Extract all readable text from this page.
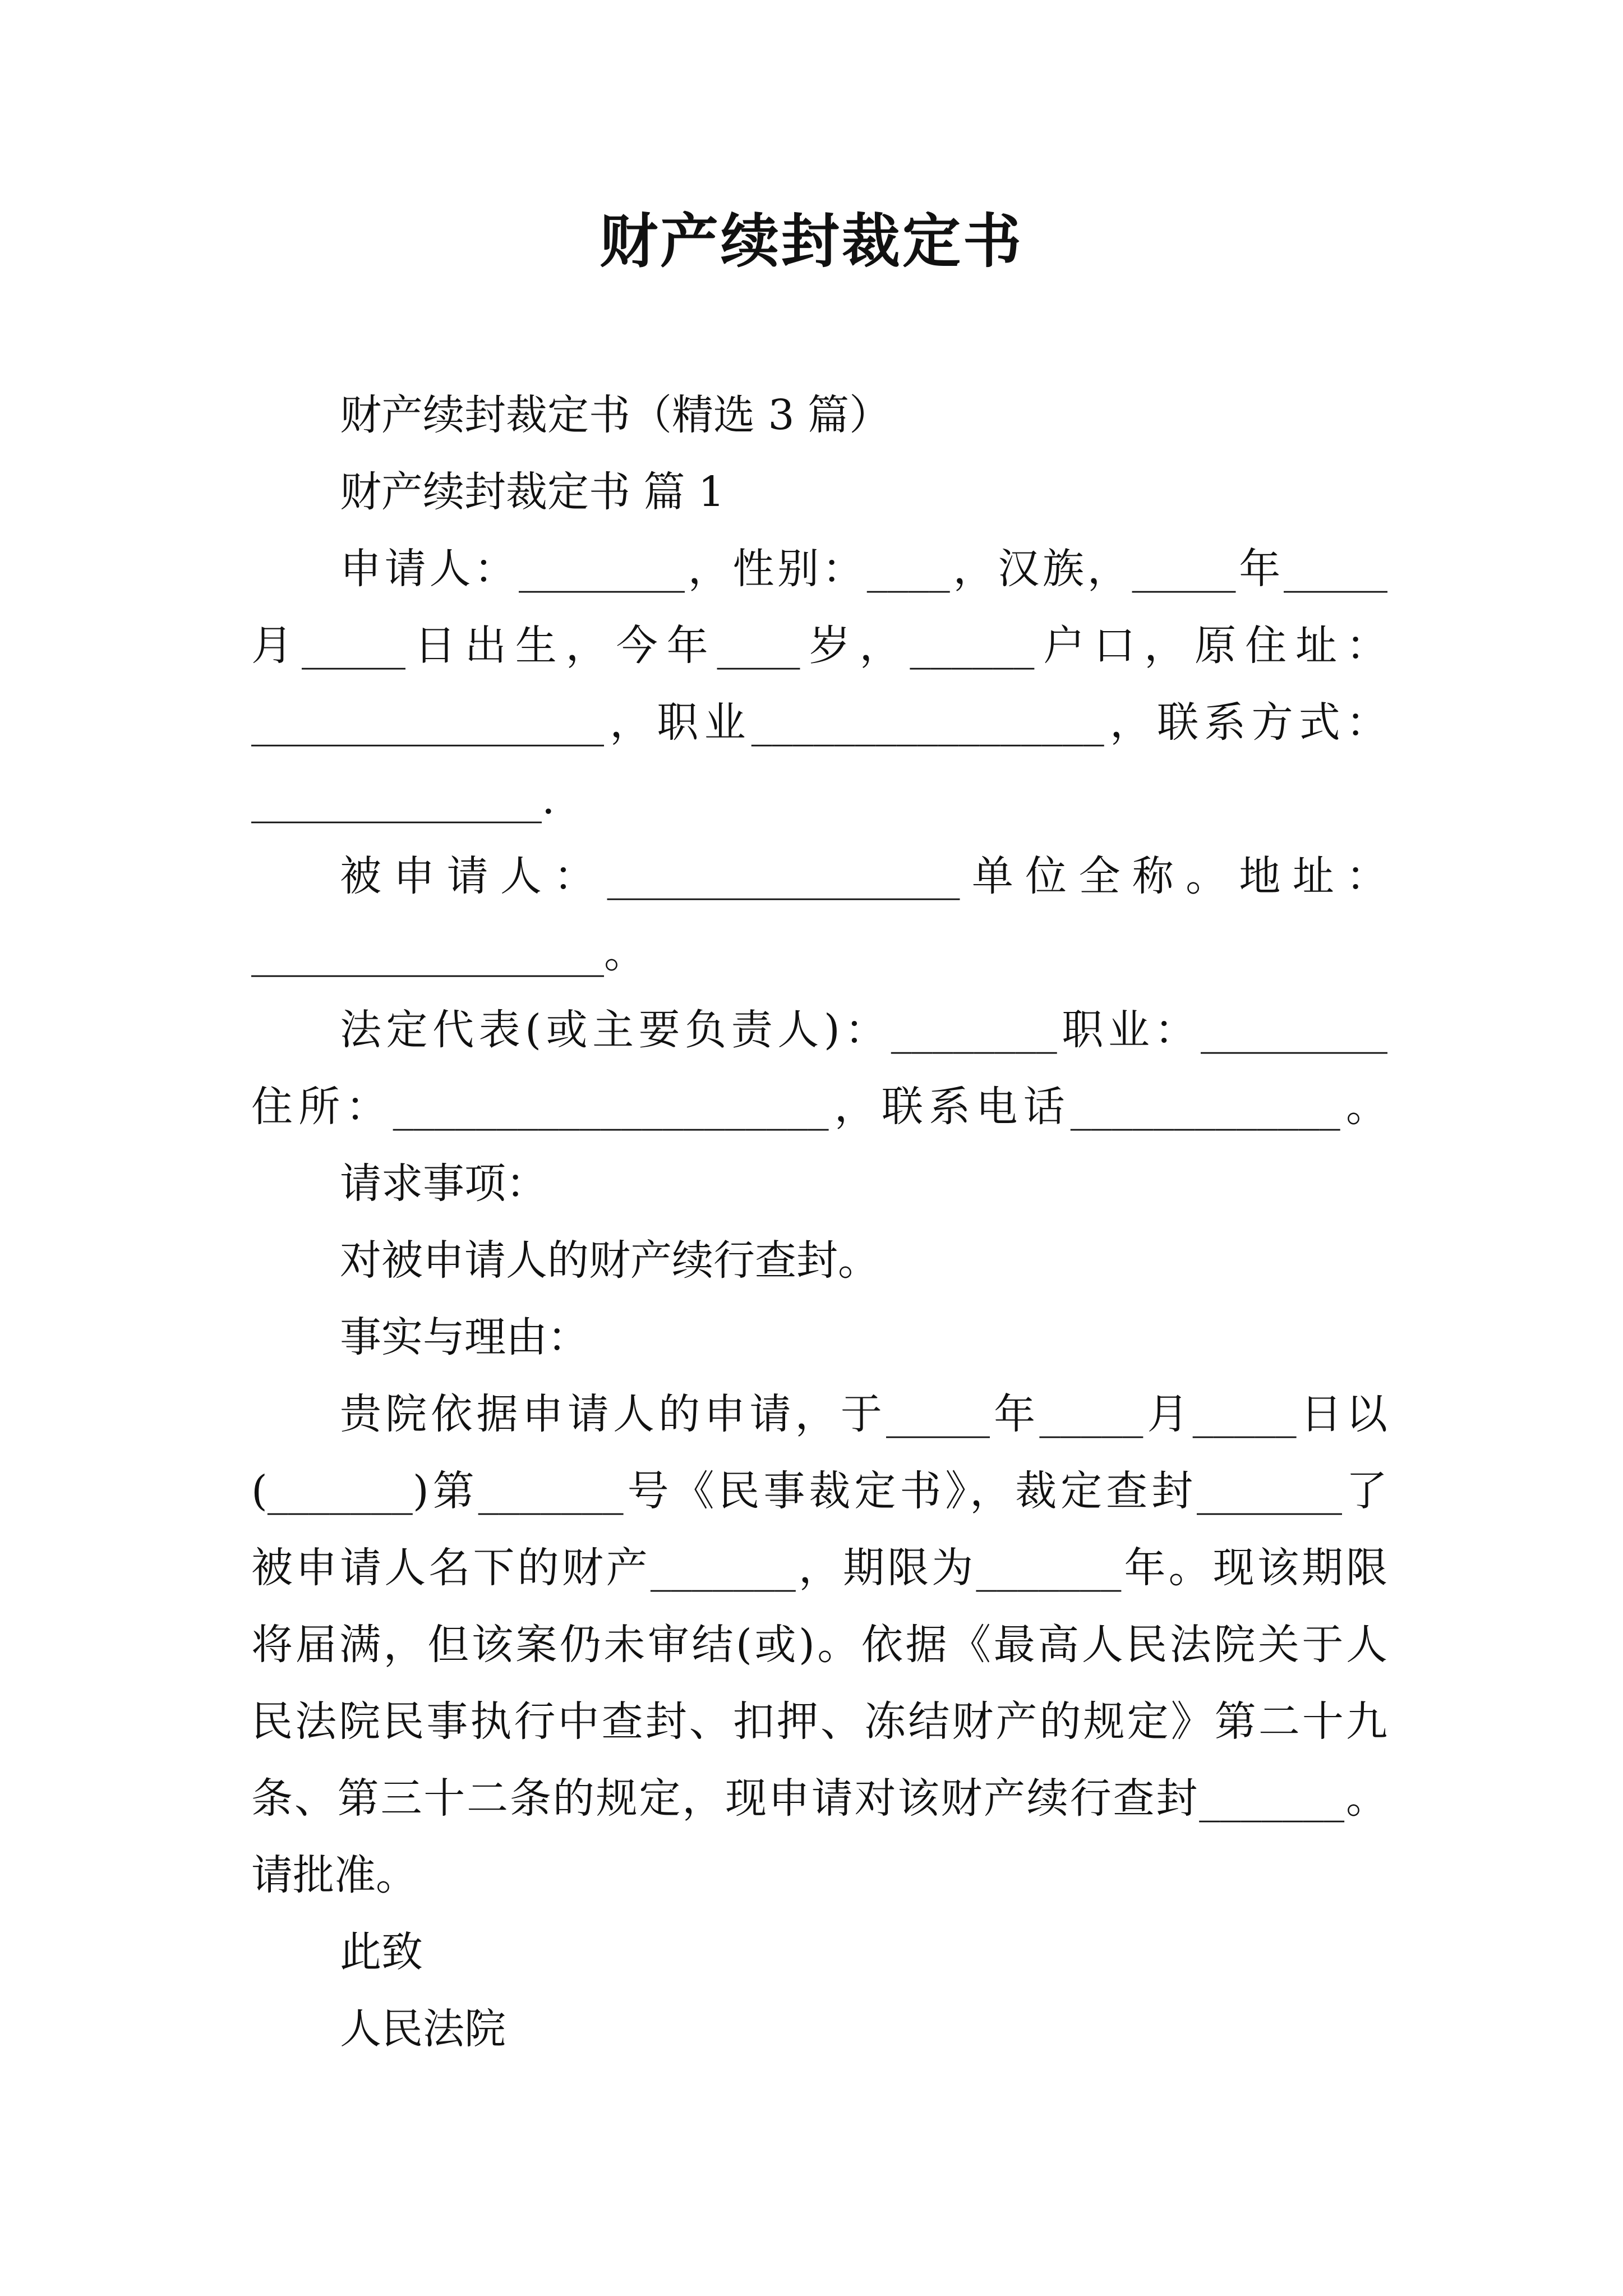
财产续封裁定书
财产续封裁定书（精选 3 篇）
财产续封裁定书 篇 1
申请人：________，性别：____，汉族，_____年_____
月_____日出生，今年____岁，______户口，原住址：
_________________，职业_________________，联系方式：
______________.
被申请人：_________________单位全称。地址：
_________________。
法定代表(或主要负责人)：________职业：_________
住所：_____________________，联系电话_____________。
请求事项：
对被申请人的财产续行查封。
事实与理由：
贵院依据申请人的申请，于_____年_____月_____日以
(_______)第_______号《民事裁定书》，裁定查封_______了
被申请人名下的财产_______，期限为_______年。现该期限
将届满，但该案仍未审结(或)。依据《最高人民法院关于人
民法院民事执行中查封、扣押、冻结财产的规定》第二十九
条、第三十二条的规定，现申请对该财产续行查封_______。
请批准。
此致
人民法院
